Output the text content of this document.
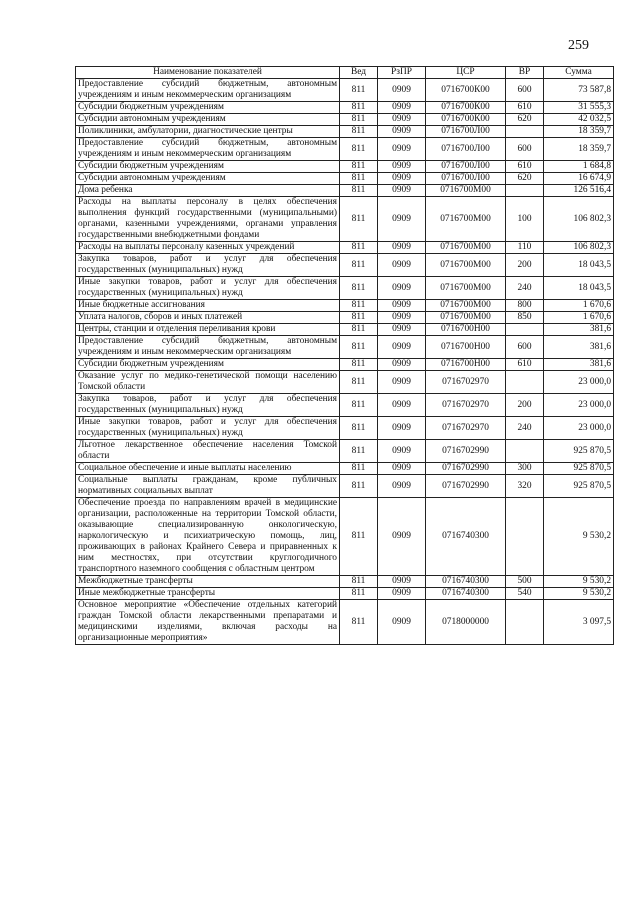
259
Наименование показателей	Вед	РзПР	ЦСР	ВР	Сумма
Предоставление субсидий бюджетным, автономным учреждениям и иным некоммерческим организациям	811	0909	0716700К00	600	73 587,8
Субсидии бюджетным учреждениям	811	0909	0716700К00	610	31 555,3
Субсидии автономным учреждениям	811	0909	0716700К00	620	42 032,5
Поликлиники, амбулатории, диагностические центры	811	0909	0716700Л00		18 359,7
Предоставление субсидий бюджетным, автономным учреждениям и иным некоммерческим организациям	811	0909	0716700Л00	600	18 359,7
Субсидии бюджетным учреждениям	811	0909	0716700Л00	610	1 684,8
Субсидии автономным учреждениям	811	0909	0716700Л00	620	16 674,9
Дома ребенка	811	0909	0716700М00		126 516,4
Расходы на выплаты персоналу в целях обеспечения выполнения функций государственными (муниципальными) органами, казенными учреждениями, органами управления государственными внебюджетными фондами	811	0909	0716700М00	100	106 802,3
Расходы на выплаты персоналу казенных учреждений	811	0909	0716700М00	110	106 802,3
Закупка товаров, работ и услуг для обеспечения государственных (муниципальных) нужд	811	0909	0716700М00	200	18 043,5
Иные закупки товаров, работ и услуг для обеспечения государственных (муниципальных) нужд	811	0909	0716700М00	240	18 043,5
Иные бюджетные ассигнования	811	0909	0716700М00	800	1 670,6
Уплата налогов, сборов и иных платежей	811	0909	0716700М00	850	1 670,6
Центры, станции и отделения переливания крови	811	0909	0716700Н00		381,6
Предоставление субсидий бюджетным, автономным учреждениям и иным некоммерческим организациям	811	0909	0716700Н00	600	381,6
Субсидии бюджетным учреждениям	811	0909	0716700Н00	610	381,6
Оказание услуг по медико-генетической помощи населению Томской области	811	0909	0716702970		23 000,0
Закупка товаров, работ и услуг для обеспечения государственных (муниципальных) нужд	811	0909	0716702970	200	23 000,0
Иные закупки товаров, работ и услуг для обеспечения государственных (муниципальных) нужд	811	0909	0716702970	240	23 000,0
Льготное лекарственное обеспечение населения Томской области	811	0909	0716702990		925 870,5
Социальное обеспечение и иные выплаты населению	811	0909	0716702990	300	925 870,5
Социальные выплаты гражданам, кроме публичных нормативных социальных выплат	811	0909	0716702990	320	925 870,5
Обеспечение проезда по направлениям врачей в медицинские организации, расположенные на территории Томской области, оказывающие специализированную онкологическую, наркологическую и психиатрическую помощь, лиц, проживающих в районах Крайнего Севера и приравненных к ним местностях, при отсутствии круглогодичного транспортного наземного сообщения с областным центром	811	0909	0716740300		9 530,2
Межбюджетные трансферты	811	0909	0716740300	500	9 530,2
Иные межбюджетные трансферты	811	0909	0716740300	540	9 530,2
Основное мероприятие «Обеспечение отдельных категорий граждан Томской области лекарственными препаратами и медицинскими изделиями, включая расходы на организационные мероприятия»	811	0909	0718000000		3 097,5
